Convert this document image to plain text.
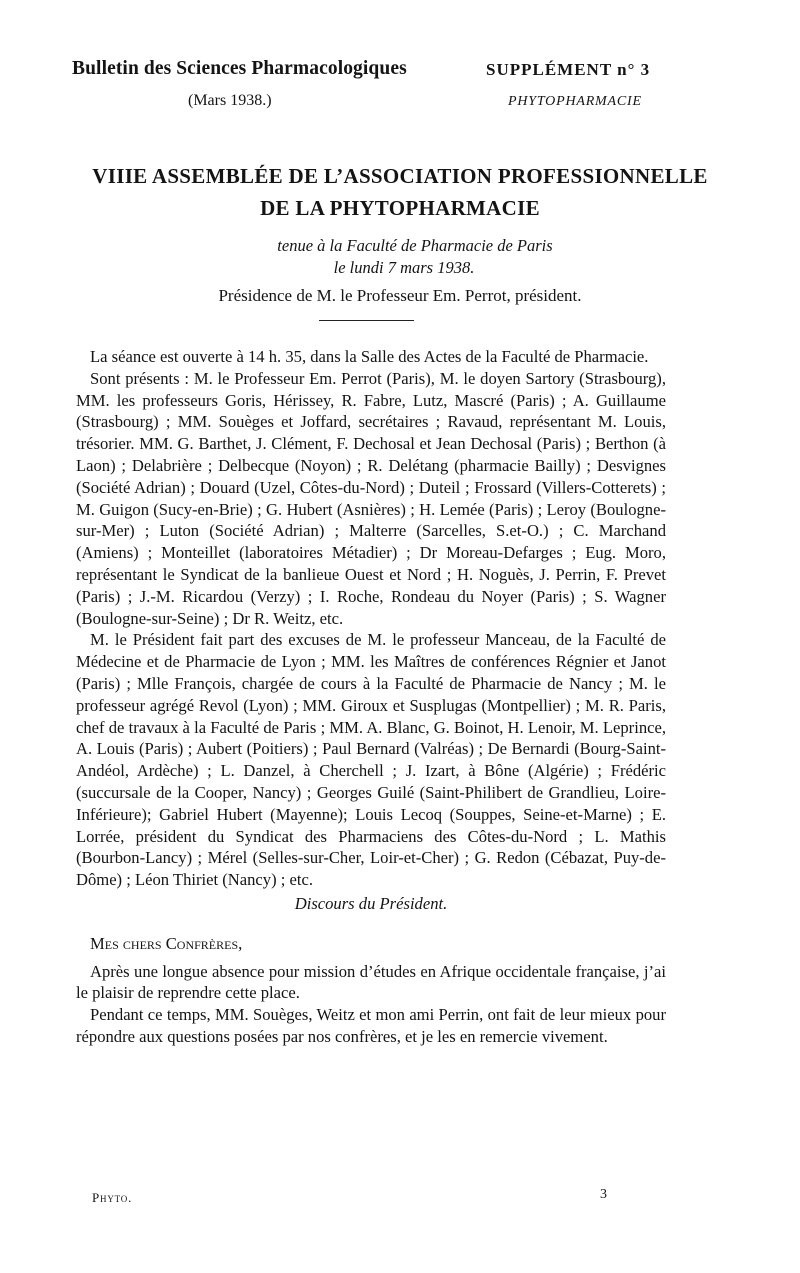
Bulletin des Sciences Pharmacologiques
(Mars 1938.)
SUPPLÉMENT n° 3
PHYTOPHARMACIE
VIIIE ASSEMBLÉE DE L’ASSOCIATION PROFESSIONNELLE
DE LA PHYTOPHARMACIE
tenue à la Faculté de Pharmacie de Paris
le lundi 7 mars 1938.
Présidence de M. le Professeur Em. Perrot, président.

La séance est ouverte à 14 h. 35, dans la Salle des Actes de la Faculté de Pharmacie.

Sont présents : M. le Professeur Em. Perrot (Paris), M. le doyen Sartory (Strasbourg), MM. les professeurs Goris, Hérissey, R. Fabre, Lutz, Mascré (Paris) ; A. Guillaume (Strasbourg) ; MM. Souèges et Joffard, secrétaires ; Ravaud, représentant M. Louis, trésorier. MM. G. Barthet, J. Clément, F. Dechosal et Jean Dechosal (Paris) ; Berthon (à Laon) ; Delabrière ; Delbecque (Noyon) ; R. Delétang (pharmacie Bailly) ; Desvignes (Société Adrian) ; Douard (Uzel, Côtes-du-Nord) ; Duteil ; Frossard (Villers-Cotterets) ; M. Guigon (Sucy-en-Brie) ; G. Hubert (Asnières) ; H. Lemée (Paris) ; Leroy (Boulogne-sur-Mer) ; Luton (Société Adrian) ; Malterre (Sarcelles, S.et-O.) ; C. Marchand (Amiens) ; Monteillet (laboratoires Métadier) ; Dr Moreau-Defarges ; Eug. Moro, représentant le Syndicat de la banlieue Ouest et Nord ; H. Noguès, J. Perrin, F. Prevet (Paris) ; J.-M. Ricardou (Verzy) ; I. Roche, Rondeau du Noyer (Paris) ; S. Wagner (Boulogne-sur-Seine) ; Dr R. Weitz, etc.

M. le Président fait part des excuses de M. le professeur Manceau, de la Faculté de Médecine et de Pharmacie de Lyon ; MM. les Maîtres de conférences Régnier et Janot (Paris) ; Mlle François, chargée de cours à la Faculté de Pharmacie de Nancy ; M. le professeur agrégé Revol (Lyon) ; MM. Giroux et Susplugas (Montpellier) ; M. R. Paris, chef de travaux à la Faculté de Paris ; MM. A. Blanc, G. Boinot, H. Lenoir, M. Leprince, A. Louis (Paris) ; Aubert (Poitiers) ; Paul Bernard (Valréas) ; De Bernardi (Bourg-Saint-Andéol, Ardèche) ; L. Danzel, à Cherchell ; J. Izart, à Bône (Algérie) ; Frédéric (succursale de la Cooper, Nancy) ; Georges Guilé (Saint-Philibert de Grandlieu, Loire-Inférieure); Gabriel Hubert (Mayenne); Louis Lecoq (Souppes, Seine-et-Marne) ; E. Lorrée, président du Syndicat des Pharmaciens des Côtes-du-Nord ; L. Mathis (Bourbon-Lancy) ; Mérel (Selles-sur-Cher, Loir-et-Cher) ; G. Redon (Cébazat, Puy-de-Dôme) ; Léon Thiriet (Nancy) ; etc.

Discours du Président.

Mes chers Confrères,

Après une longue absence pour mission d’études en Afrique occidentale française, j’ai le plaisir de reprendre cette place.

Pendant ce temps, MM. Souèges, Weitz et mon ami Perrin, ont fait de leur mieux pour répondre aux questions posées par nos confrères, et je les en remercie vivement.

Phyto.	3
